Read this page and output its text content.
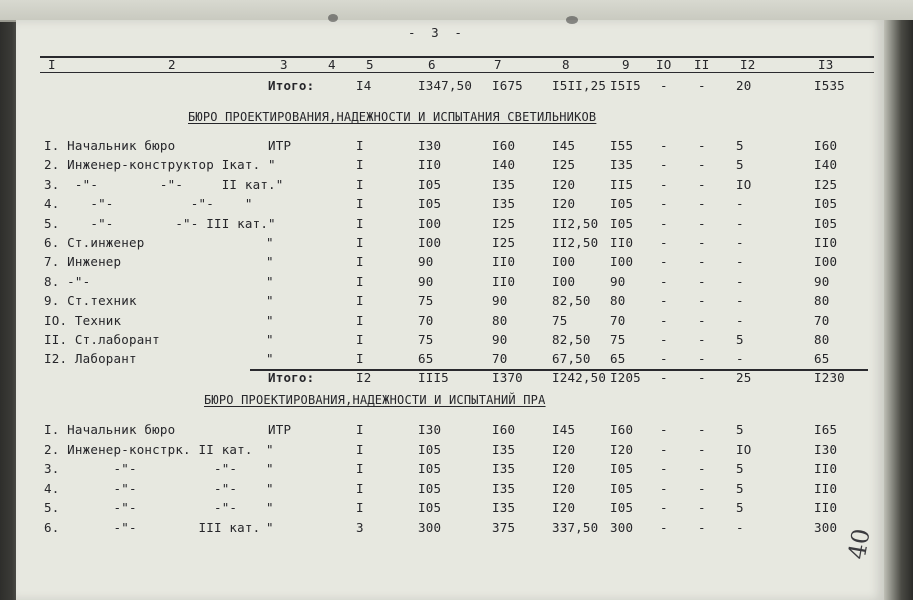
-  3  -
I	2	3	4 5	6	7	8	9 IO II I2	I3
Итого:	I4	I347,50 I675 I5II,25 I5I5 - - 20	I535
БЮРО ПРОЕКТИРОВАНИЯ,НАДЕЖНОСТИ И ИСПЫТАНИЯ СВЕТИЛЬНИКОВ
I. Начальник бюро	ИТР	I	I30	I60	I45	I55 - - 5	I60
2. Инженер-конструктор Iкат. "	I	II0	I40	I25	I35 - - 5	I40
3.  -"-        -"-     II кат."	I	I05	I35	I20	II5 - - IO	I25
4.    -"-          -"-    "	I	I05	I35	I20	I05 - - -	I05
5.    -"-        -"- III кат."	I	I00	I25	II2,50 I05 - - -	I05
6. Ст.инженер	"	I	I00	I25	II2,50 II0 - - -	II0
7. Инженер	"	I	90	II0	I00	I00 - - -	I00
8. -"-	"	I	90	II0	I00	90	- - -	90
9. Ст.техник	"	I	75	90	82,50 80	- - -	80
IO. Техник	"	I	70	80	75	70	- - -	70
II. Ст.лаборант	"	I	75	90	82,50 75	- - 5	80
I2. Лаборант	"	I	65	70	67,50 65	- - -	65
Итого:	I2	III5	I370 I242,50 I205 - - 25	I230
БЮРО ПРОЕКТИРОВАНИЯ,НАДЕЖНОСТИ И ИСПЫТАНИЙ ПРА
I. Начальник бюро	ИТР	I	I30	I60	I45	I60 - - 5	I65
2. Инженер-констрк. II кат. "	I	I05	I35	I20	I20 - - IO	I30
3.       -"-          -"- "	I	I05	I35	I20	I05 - - 5	II0
4.       -"-          -"- "	I	I05	I35	I20	I05 - - 5	II0
5.       -"-          -"- "	I	I05	I35	I20	I05 - - 5	II0
6.       -"-        III кат. "	3	300	375	337,50 300 - - -	300 40
